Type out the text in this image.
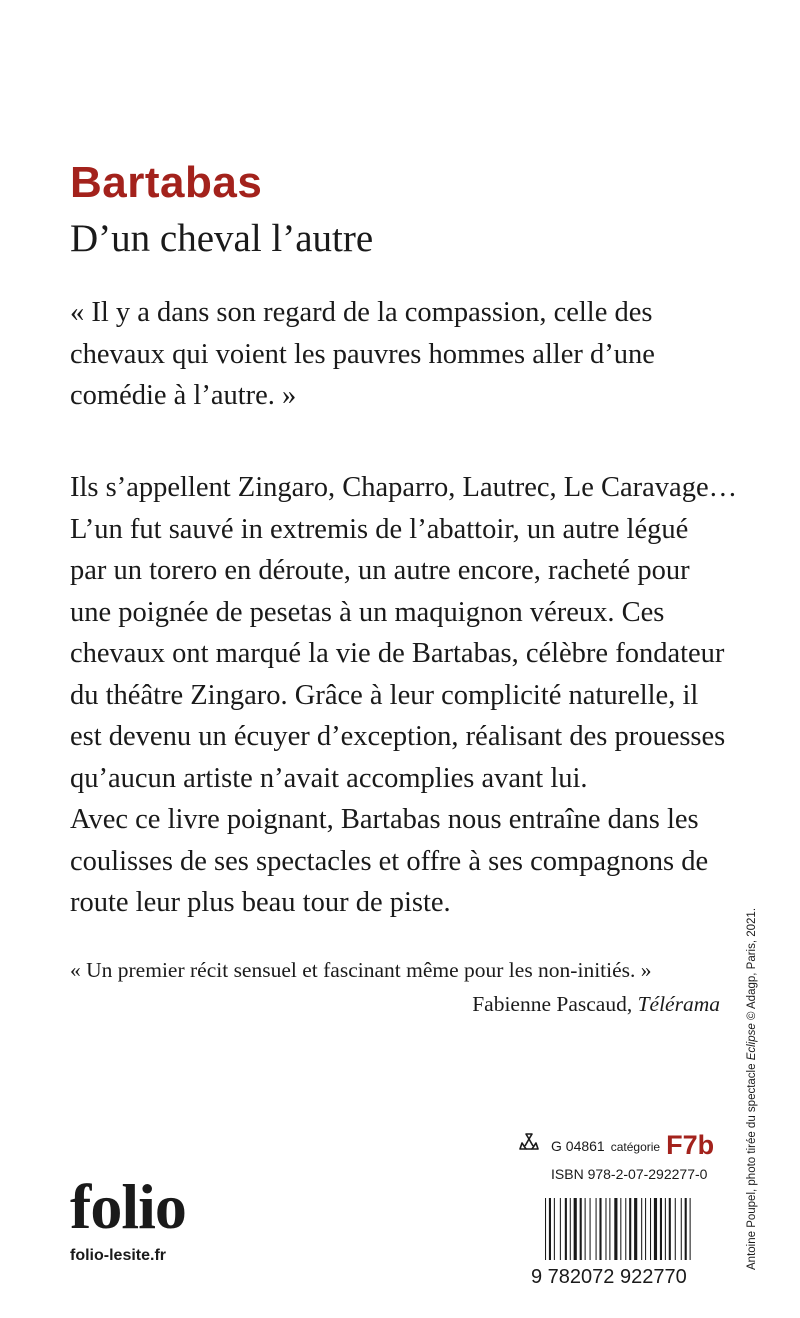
Bartabas
D’un cheval l’autre
« Il y a dans son regard de la compassion, celle des
chevaux qui voient les pauvres hommes aller d’une
comédie à l’autre. »
Ils s’appellent Zingaro, Chaparro, Lautrec, Le Caravage…
L’un fut sauvé in extremis de l’abattoir, un autre légué
par un torero en déroute, un autre encore, racheté pour
une poignée de pesetas à un maquignon véreux. Ces
chevaux ont marqué la vie de Bartabas, célèbre fondateur
du théâtre Zingaro. Grâce à leur complicité naturelle, il
est devenu un écuyer d’exception, réalisant des prouesses
qu’aucun artiste n’avait accomplies avant lui.
Avec ce livre poignant, Bartabas nous entraîne dans les
coulisses de ses spectacles et offre à ses compagnons de
route leur plus beau tour de piste.
« Un premier récit sensuel et fascinant même pour les non-initiés. »
Fabienne Pascaud, Télérama
Antoine Poupel, photo tirée du spectacle Eclipse © Adagp, Paris, 2021.
folio
folio-lesite.fr
G 04861 catégorie F7b
ISBN 978-2-07-292277-0
9 782072 922770
